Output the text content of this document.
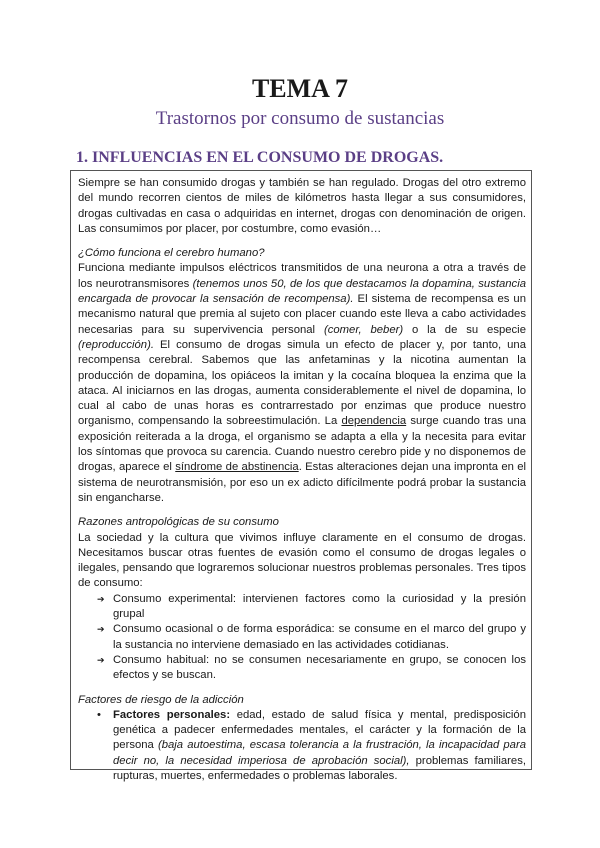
TEMA 7
Trastornos por consumo de sustancias
1. INFLUENCIAS EN EL CONSUMO DE DROGAS.

Siempre se han consumido drogas y también se han regulado. Drogas del otro extremo del mundo recorren cientos de miles de kilómetros hasta llegar a sus consumidores, drogas cultivadas en casa o adquiridas en internet, drogas con denominación de origen. Las consumimos por placer, por costumbre, como evasión…

¿Cómo funciona el cerebro humano?

Funciona mediante impulsos eléctricos transmitidos de una neurona a otra a través de los neurotransmisores (tenemos unos 50, de los que destacamos la dopamina, sustancia encargada de provocar la sensación de recompensa). El sistema de recompensa es un mecanismo natural que premia al sujeto con placer cuando este lleva a cabo actividades necesarias para su supervivencia personal (comer, beber) o la de su especie (reproducción). El consumo de drogas simula un efecto de placer y, por tanto, una recompensa cerebral. Sabemos que las anfetaminas y la nicotina aumentan la producción de dopamina, los opiáceos la imitan y la cocaína bloquea la enzima que la ataca. Al iniciarnos en las drogas, aumenta considerablemente el nivel de dopamina, lo cual al cabo de unas horas es contrarrestado por enzimas que produce nuestro organismo, compensando la sobreestimulación. La dependencia surge cuando tras una exposición reiterada a la droga, el organismo se adapta a ella y la necesita para evitar los síntomas que provoca su carencia. Cuando nuestro cerebro pide y no disponemos de drogas, aparece el síndrome de abstinencia. Estas alteraciones dejan una impronta en el sistema de neurotransmisión, por eso un ex adicto difícilmente podrá probar la sustancia sin engancharse.

Razones antropológicas de su consumo

La sociedad y la cultura que vivimos influye claramente en el consumo de drogas. Necesitamos buscar otras fuentes de evasión como el consumo de drogas legales o ilegales, pensando que lograremos solucionar nuestros problemas personales. Tres tipos de consumo:

➔ Consumo experimental: intervienen factores como la curiosidad y la presión grupal
➔ Consumo ocasional o de forma esporádica: se consume en el marco del grupo y la sustancia no interviene demasiado en las actividades cotidianas.
➔ Consumo habitual: no se consumen necesariamente en grupo, se conocen los efectos y se buscan.

Factores de riesgo de la adicción

• Factores personales: edad, estado de salud física y mental, predisposición genética a padecer enfermedades mentales, el carácter y la formación de la persona (baja autoestima, escasa tolerancia a la frustración, la incapacidad para decir no, la necesidad imperiosa de aprobación social), problemas familiares, rupturas, muertes, enfermedades o problemas laborales.
